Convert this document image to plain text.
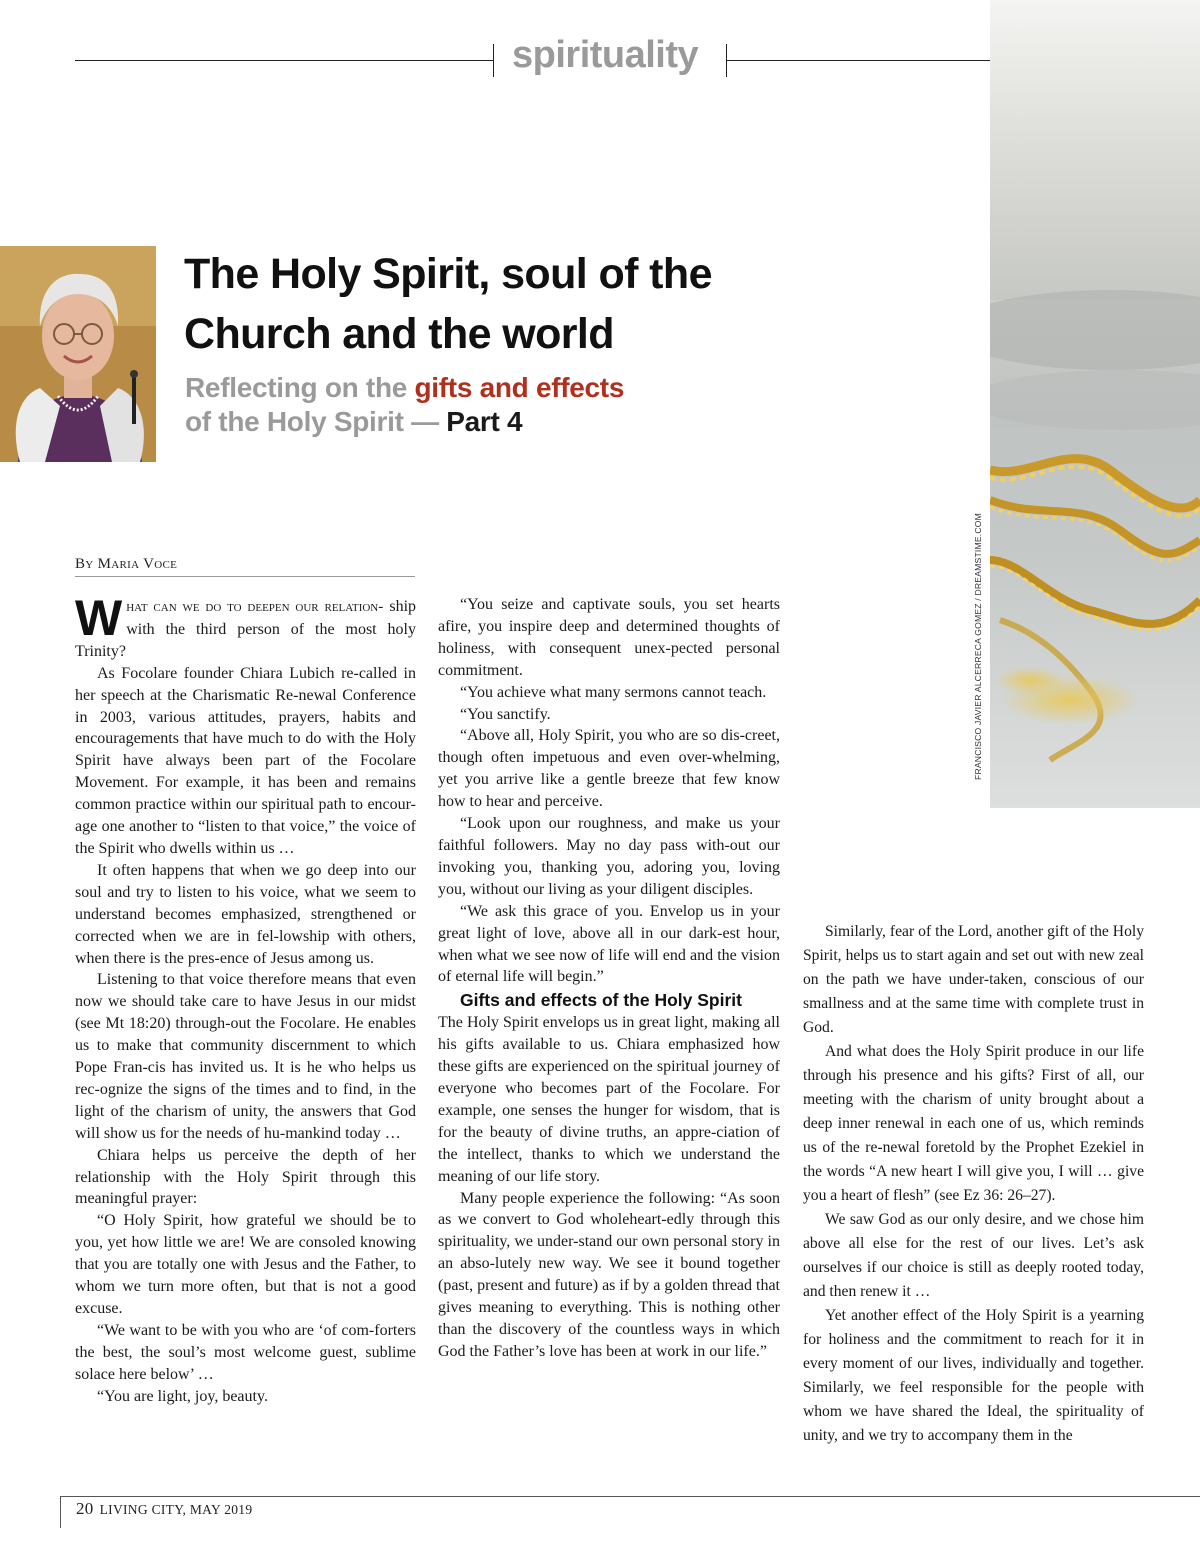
spirituality
FRANCISCO JAVIER ALCERRECA GOMEZ / DREAMSTIME.COM
The Holy Spirit, soul of the
Church and the world
Reflecting on the gifts and effects
of the Holy Spirit — Part 4
By Maria Voce

What can we do to deepen our relation- ship with the third person of the most holy Trinity?

As Focolare founder Chiara Lubich re-called in her speech at the Charismatic Re-newal Conference in 2003, various attitudes, prayers, habits and encouragements that have much to do with the Holy Spirit have always been part of the Focolare Movement. For example, it has been and remains common practice within our spiritual path to encour-age one another to “listen to that voice,” the voice of the Spirit who dwells within us …

It often happens that when we go deep into our soul and try to listen to his voice, what we seem to understand becomes emphasized, strengthened or corrected when we are in fel-lowship with others, when there is the pres-ence of Jesus among us.

Listening to that voice therefore means that even now we should take care to have Jesus in our midst (see Mt 18:20) through-out the Focolare. He enables us to make that community discernment to which Pope Fran-cis has invited us. It is he who helps us rec-ognize the signs of the times and to find, in the light of the charism of unity, the answers that God will show us for the needs of hu-mankind today …

Chiara helps us perceive the depth of her relationship with the Holy Spirit through this meaningful prayer:

“O Holy Spirit, how grateful we should be to you, yet how little we are! We are consoled knowing that you are totally one with Jesus and the Father, to whom we turn more often, but that is not a good excuse.

“We want to be with you who are ‘of com-forters the best, the soul’s most welcome guest, sublime solace here below’ …

“You are light, joy, beauty.

“You seize and captivate souls, you set hearts afire, you inspire deep and determined thoughts of holiness, with consequent unex-pected personal commitment.

“You achieve what many sermons cannot teach.

“You sanctify.

“Above all, Holy Spirit, you who are so dis-creet, though often impetuous and even over-whelming, yet you arrive like a gentle breeze that few know how to hear and perceive.

“Look upon our roughness, and make us your faithful followers. May no day pass with-out our invoking you, thanking you, adoring you, loving you, without our living as your diligent disciples.

“We ask this grace of you. Envelop us in your great light of love, above all in our dark-est hour, when what we see now of life will end and the vision of eternal life will begin.”

Gifts and effects of the Holy Spirit

The Holy Spirit envelops us in great light, making all his gifts available to us. Chiara emphasized how these gifts are experienced on the spiritual journey of everyone who becomes part of the Focolare. For example, one senses the hunger for wisdom, that is for the beauty of divine truths, an appre-ciation of the intellect, thanks to which we understand the meaning of our life story.

Many people experience the following: “As soon as we convert to God wholeheart-edly through this spirituality, we under-stand our own personal story in an abso-lutely new way. We see it bound together (past, present and future) as if by a golden thread that gives meaning to everything. This is nothing other than the discovery of the countless ways in which God the Father’s love has been at work in our life.”

Similarly, fear of the Lord, another gift of the Holy Spirit, helps us to start again and set out with new zeal on the path we have under-taken, conscious of our smallness and at the same time with complete trust in God.

And what does the Holy Spirit produce in our life through his presence and his gifts? First of all, our meeting with the charism of unity brought about a deep inner renewal in each one of us, which reminds us of the re-newal foretold by the Prophet Ezekiel in the words “A new heart I will give you, I will … give you a heart of flesh” (see Ez 36: 26–27).

We saw God as our only desire, and we chose him above all else for the rest of our lives. Let’s ask ourselves if our choice is still as deeply rooted today, and then renew it …

Yet another effect of the Holy Spirit is a yearning for holiness and the commitment to reach for it in every moment of our lives, individually and together. Similarly, we feel responsible for the people with whom we have shared the Ideal, the spirituality of unity, and we try to accompany them in the

20 LIVING CITY, MAY 2019
